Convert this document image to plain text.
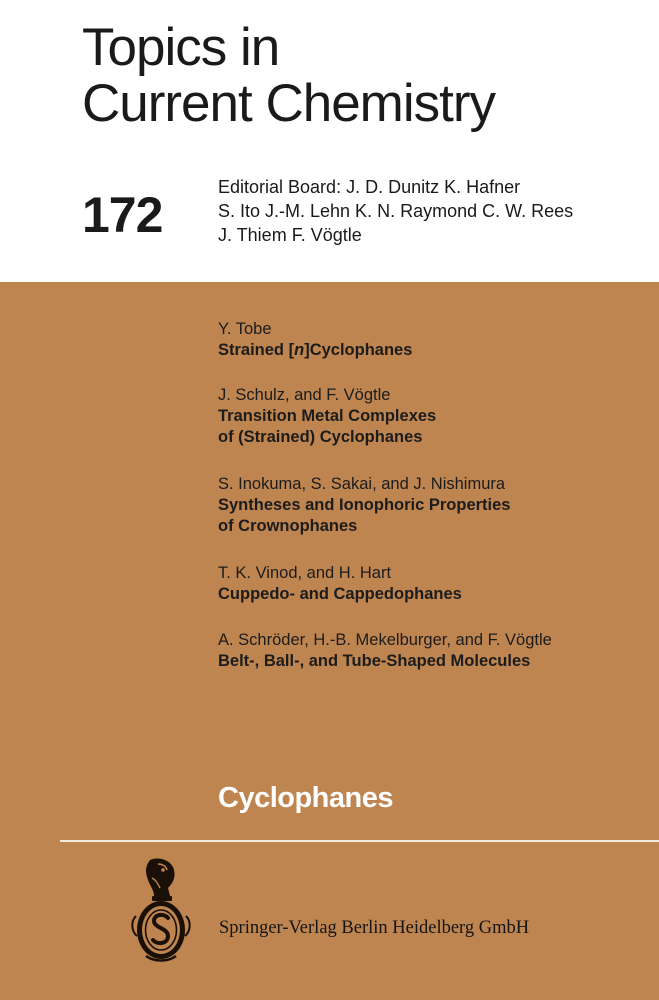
Topics in
Current Chemistry
172	Editorial Board: J. D. Dunitz K. Hafner
S. Ito J.-M. Lehn K. N. Raymond C. W. Rees
J. Thiem F. Vögtle
Y. Tobe
Strained [n]Cyclophanes
J. Schulz, and F. Vögtle
Transition Metal Complexes
of (Strained) Cyclophanes
S. Inokuma, S. Sakai, and J. Nishimura
Syntheses and Ionophoric Properties
of Crownophanes
T. K. Vinod, and H. Hart
Cuppedo- and Cappedophanes
A. Schröder, H.-B. Mekelburger, and F. Vögtle
Belt-, Ball-, and Tube-Shaped Molecules
Cyclophanes
Springer-Verlag Berlin Heidelberg GmbH
